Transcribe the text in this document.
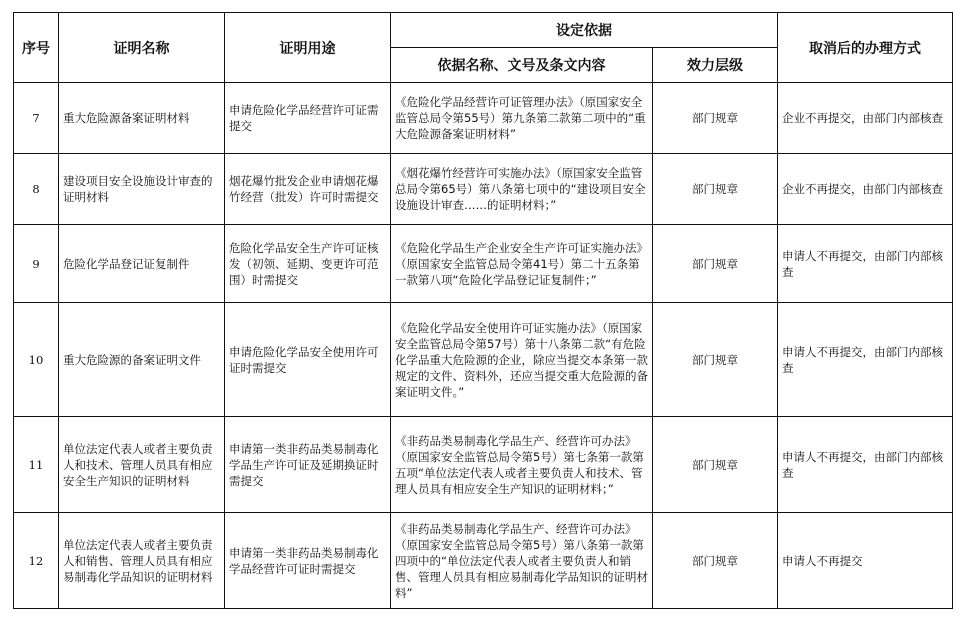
序号	证明名称	证明用途	设定依据		取消后的办理方式
			依据名称、文号及条文内容	效力层级	
7	重大危险源备案证明材料	申请危险化学品经营许可证需提交	《危险化学品经营许可证管理办法》（原国家安全监管总局令第55号）第九条第二款第二项中的“重大危险源备案证明材料”	部门规章	企业不再提交，由部门内部核查
8	建设项目安全设施设计审查的证明材料	烟花爆竹批发企业申请烟花爆竹经营（批发）许可时需提交	《烟花爆竹经营许可实施办法》（原国家安全监管总局令第65号）第八条第七项中的“建设项目安全设施设计审查……的证明材料；”	部门规章	企业不再提交，由部门内部核查
9	危险化学品登记证复制件	危险化学品安全生产许可证核发（初领、延期、变更许可范围）时需提交	《危险化学品生产企业安全生产许可证实施办法》（原国家安全监管总局令第41号）第二十五条第一款第八项“危险化学品登记证复制件；”	部门规章	申请人不再提交，由部门内部核查
10	重大危险源的备案证明文件	申请危险化学品安全使用许可证时需提交	《危险化学品安全使用许可证实施办法》（原国家安全监管总局令第57号）第十八条第二款“有危险化学品重大危险源的企业，除应当提交本条第一款规定的文件、资料外，还应当提交重大危险源的备案证明文件。”	部门规章	申请人不再提交，由部门内部核查
11	单位法定代表人或者主要负责人和技术、管理人员具有相应安全生产知识的证明材料	申请第一类非药品类易制毒化学品生产许可证及延期换证时需提交	《非药品类易制毒化学品生产、经营许可办法》（原国家安全监管总局令第5号）第七条第一款第五项“单位法定代表人或者主要负责人和技术、管理人员具有相应安全生产知识的证明材料；”	部门规章	申请人不再提交，由部门内部核查
12	单位法定代表人或者主要负责人和销售、管理人员具有相应易制毒化学品知识的证明材料	申请第一类非药品类易制毒化学品经营许可证时需提交	《非药品类易制毒化学品生产、经营许可办法》（原国家安全监管总局令第5号）第八条第一款第四项中的“单位法定代表人或者主要负责人和销售、管理人员具有相应易制毒化学品知识的证明材料”	部门规章	申请人不再提交
